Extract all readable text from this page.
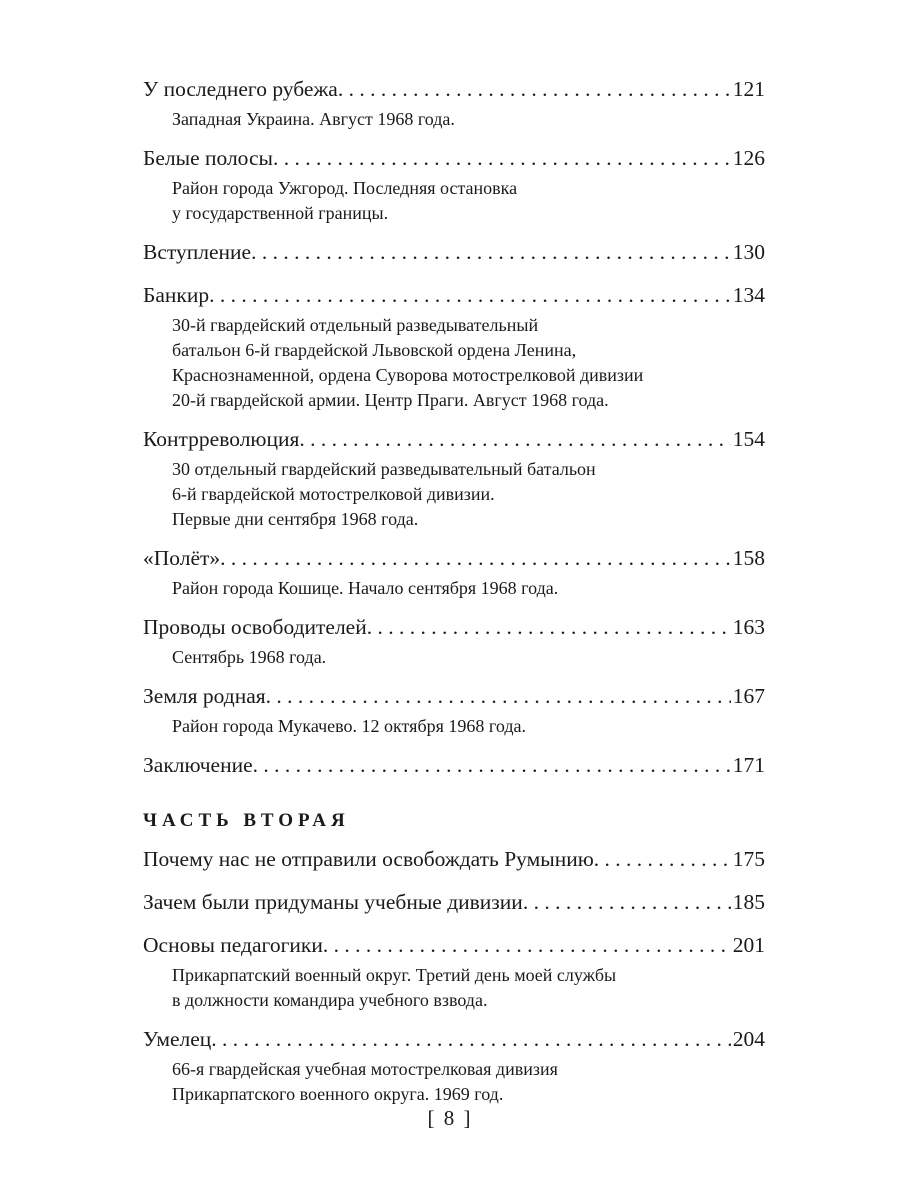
У последнего рубежа . . .	121
Западная Украина. Август 1968 года.
Белые полосы . . .	126
Район города Ужгород. Последняя остановка
у государственной границы.
Вступление . . .	130
Банкир . . .	134
30-й гвардейский отдельный разведывательный
батальон 6-й гвардейской Львовской ордена Ленина,
Краснознаменной, ордена Суворова мотострелковой дивизии
20-й гвардейской армии. Центр Праги. Август 1968 года.
Контрреволюция . . .	154
30 отдельный гвардейский разведывательный батальон
6-й гвардейской мотострелковой дивизии.
Первые дни сентября 1968 года.
«Полёт» . . .	158
Район города Кошице. Начало сентября 1968 года.
Проводы освободителей . . .	163
Сентябрь 1968 года.
Земля родная . . .	167
Район города Мукачево. 12 октября 1968 года.
Заключение . . .	171
ЧАСТЬ ВТОРАЯ
Почему нас не отправили освобождать Румынию . . .	175
Зачем были придуманы учебные дивизии . . .	185
Основы педагогики . . .	201
Прикарпатский военный округ. Третий день моей службы
в должности командира учебного взвода.
Умелец . . .	204
66-я гвардейская учебная мотострелковая дивизия
Прикарпатского военного округа. 1969 год.
[ 8 ]
